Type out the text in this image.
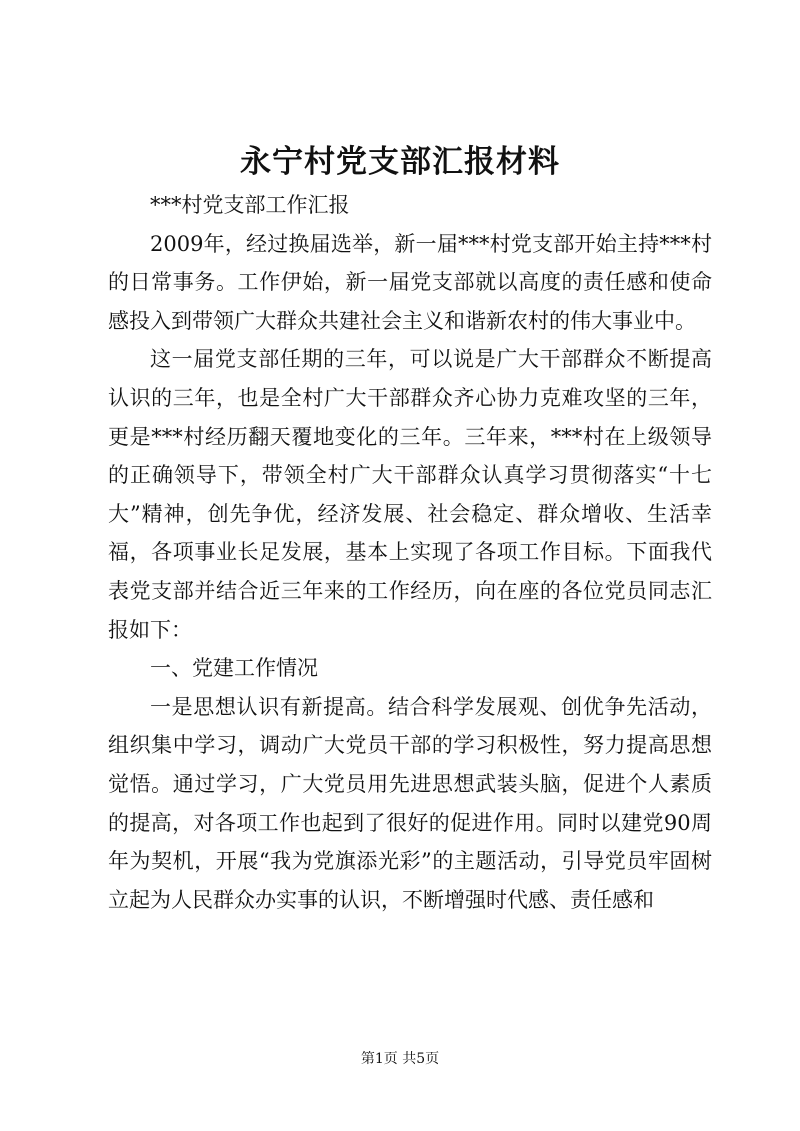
永宁村党支部汇报材料

***村党支部工作汇报

2009年，经过换届选举，新一届***村党支部开始主持***村的日常事务。工作伊始，新一届党支部就以高度的责任感和使命感投入到带领广大群众共建社会主义和谐新农村的伟大事业中。

这一届党支部任期的三年，可以说是广大干部群众不断提高认识的三年，也是全村广大干部群众齐心协力克难攻坚的三年，更是***村经历翻天覆地变化的三年。三年来，***村在上级领导的正确领导下，带领全村广大干部群众认真学习贯彻落实“十七大”精神，创先争优，经济发展、社会稳定、群众增收、生活幸福，各项事业长足发展，基本上实现了各项工作目标。下面我代表党支部并结合近三年来的工作经历，向在座的各位党员同志汇报如下：

一、党建工作情况

一是思想认识有新提高。结合科学发展观、创优争先活动，组织集中学习，调动广大党员干部的学习积极性，努力提高思想觉悟。通过学习，广大党员用先进思想武装头脑，促进个人素质的提高，对各项工作也起到了很好的促进作用。同时以建党90周年为契机，开展“我为党旗添光彩”的主题活动，引导党员牢固树立起为人民群众办实事的认识，不断增强时代感、责任感和

第1页 共5页
